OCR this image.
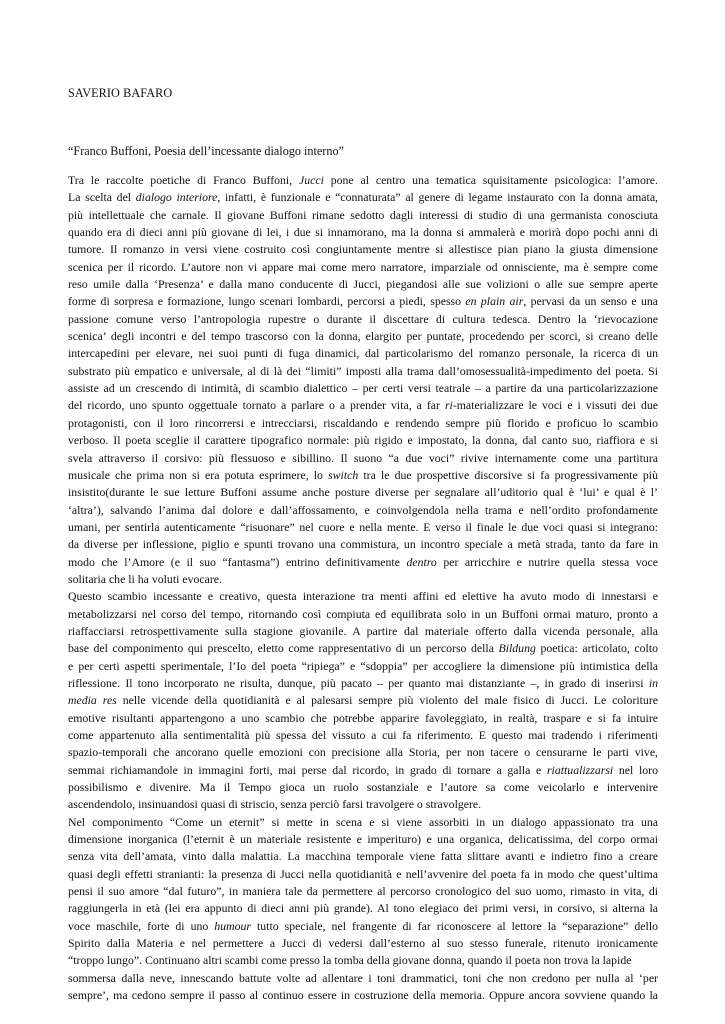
SAVERIO BAFARO
“Franco Buffoni, Poesia dell’incessante dialogo interno”
Tra le raccolte poetiche di Franco Buffoni, Jucci pone al centro una tematica squisitamente psicologica: l’amore.
La scelta del dialogo interiore, infatti, è funzionale e “connaturata” al genere di legame instaurato con la donna amata,
più intellettuale che carnale. Il giovane Buffoni rimane sedotto dagli interessi di studio di una germanista conosciuta
quando era di dieci anni più giovane di lei, i due si innamorano, ma la donna si ammalerà e morirà dopo pochi anni di
tumore. Il romanzo in versi viene costruito così congiuntamente mentre si allestisce pian piano la giusta dimensione
scenica per il ricordo. L’autore non vi appare mai come mero narratore, imparziale od onnisciente, ma è sempre come
reso umile dalla ‘Presenza’ e dalla mano conducente di Jucci, piegandosi alle sue volizioni o alle sue sempre aperte
forme di sorpresa e formazione, lungo scenari lombardi, percorsi a piedi, spesso en plain air, pervasi da un senso e una
passione comune verso l’antropologia rupestre o durante il discettare di cultura tedesca. Dentro la ‘rievocazione
scenica’ degli incontri e del tempo trascorso con la donna, elargito per puntate, procedendo per scorci, si creano delle
intercapedini per elevare, nei suoi punti di fuga dinamici, dal particolarismo del romanzo personale, la ricerca di un
substrato più empatico e universale, al di là dei “limiti” imposti alla trama dall’omosessualità-impedimento del poeta. Si
assiste ad un crescendo di intimità, di scambio dialettico – per certi versi teatrale – a partire da una particolarizzazione
del ricordo, uno spunto oggettuale tornato a parlare o a prender vita, a far ri-materializzare le voci e i vissuti dei due
protagonisti, con il loro rincorrersi e intrecciarsi, riscaldando e rendendo sempre più florido e proficuo lo scambio
verboso. Il poeta sceglie il carattere tipografico normale: più rigido e impostato, la donna, dal canto suo, riaffiora e si
svela attraverso il corsivo: più flessuoso e sibillino. Il suono “a due voci” rivive internamente come una partitura
musicale che prima non si era potuta esprimere, lo switch tra le due prospettive discorsive si fa progressivamente più
insistito(durante le sue letture Buffoni assume anche posture diverse per segnalare all’uditorio qual è ‘lui’ e qual è l’
‘altra’), salvando l’anima dal dolore e dall’affossamento, e coinvolgendola nella trama e nell’ordito profondamente
umani, per sentirla autenticamente “risuonare” nel cuore e nella mente. E verso il finale le due voci quasi si integrano:
da diverse per inflessione, piglio e spunti trovano una commistura, un incontro speciale a metà strada, tanto da fare in
modo che l’Amore (e il suo “fantasma”) entrino definitivamente dentro per arricchire e nutrire quella stessa voce
solitaria che li ha voluti evocare.
Questo scambio incessante e creativo, questa interazione tra menti affini ed elettive ha avuto modo di innestarsi e
metabolizzarsi nel corso del tempo, ritornando così compiuta ed equilibrata solo in un Buffoni ormai maturo, pronto a
riaffacciarsi retrospettivamente sulla stagione giovanile. A partire dal materiale offerto dalla vicenda personale, alla
base del componimento qui prescelto, eletto come rappresentativo di un percorso della Bildung poetica: articolato, colto
e per certi aspetti sperimentale, l’Io del poeta “ripiega” e “sdoppia” per accogliere la dimensione più intimistica della
riflessione. Il tono incorporato ne risulta, dunque, più pacato – per quanto mai distanziante –, in grado di inserirsi in
media res nelle vicende della quotidianità e al palesarsi sempre più violento del male fisico di Jucci. Le coloriture
emotive risultanti appartengono a uno scambio che potrebbe apparire favoleggiato, in realtà, traspare e si fa intuire
come appartenuto alla sentimentalità più spessa del vissuto a cui fa riferimento. E questo mai tradendo i riferimenti
spazio-temporali che ancorano quelle emozioni con precisione alla Storia, per non tacere o censurarne le parti vive,
semmai richiamandole in immagini forti, mai perse dal ricordo, in grado di tornare a galla e riattualizzarsi nel loro
possibilismo e divenire. Ma il Tempo gioca un ruolo sostanziale e l’autore sa come veicolarlo e intervenire
ascendendolo, insinuandosi quasi di striscio, senza perciò farsi travolgere o stravolgere.
Nel componimento “Come un eternit” si mette in scena e si viene assorbiti in un dialogo appassionato tra una
dimensione inorganica (l’eternit è un materiale resistente e imperituro) e una organica, delicatissima, del corpo ormai
senza vita dell’amata, vinto dalla malattia. La macchina temporale viene fatta slittare avanti e indietro fino a creare
quasi degli effetti stranianti: la presenza di Jucci nella quotidianità e nell’avvenire del poeta fa in modo che quest’ultima
pensi il suo amore “dal futuro”, in maniera tale da permettere al percorso cronologico del suo uomo, rimasto in vita, di
raggiungerla in età (lei era appunto di dieci anni più grande). Al tono elegiaco dei primi versi, in corsivo, si alterna la
voce maschile, forte di uno humour tutto speciale, nel frangente di far riconoscere al lettore la “separazione” dello
Spirito dalla Materia e nel permettere a Jucci di vedersi dall’esterno al suo stesso funerale, ritenuto ironicamente
“troppo lungo”. Continuano altri scambi come presso la tomba della giovane donna, quando il poeta non trova la lapide
sommersa dalla neve, innescando battute volte ad allentare i toni drammatici, toni che non credono per nulla al ‘per
sempre’, ma cedono sempre il passo al continuo essere in costruzione della memoria. Oppure ancora sovviene quando la
